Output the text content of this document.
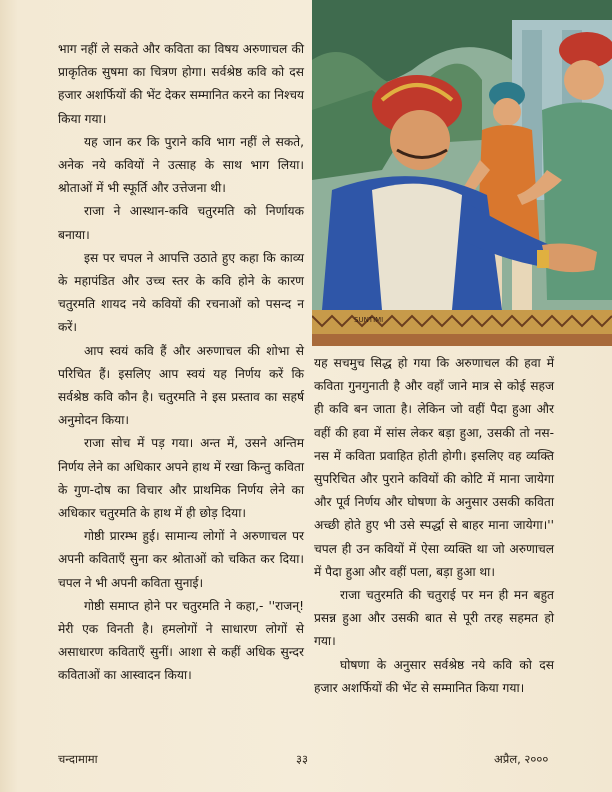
भाग नहीं ले सकते और कविता का विषय अरुणाचल की प्राकृतिक सुषमा का चित्रण होगा। सर्वश्रेष्ठ कवि को दस हजार अशर्फियों की भेंट देकर सम्मानित करने का निश्चय किया गया।

यह जान कर कि पुराने कवि भाग नहीं ले सकते, अनेक नये कवियों ने उत्साह के साथ भाग लिया। श्रोताओं में भी स्फूर्ति और उत्तेजना थी।

राजा ने आस्थान-कवि चतुरमति को निर्णायक बनाया।

इस पर चपल ने आपत्ति उठाते हुए कहा कि काव्य के महापंडित और उच्च स्तर के कवि होने के कारण चतुरमति शायद नये कवियों की रचनाओं को पसन्द न करें।

आप स्वयं कवि हैं और अरुणाचल की शोभा से परिचित हैं। इसलिए आप स्वयं यह निर्णय करें कि सर्वश्रेष्ठ कवि कौन है। चतुरमति ने इस प्रस्ताव का सहर्ष अनुमोदन किया।

राजा सोच में पड़ गया। अन्त में, उसने अन्तिम निर्णय लेने का अधिकार अपने हाथ में रखा किन्तु कविता के गुण-दोष का विचार और प्राथमिक निर्णय लेने का अधिकार चतुरमति के हाथ में ही छोड़ दिया।

गोष्ठी प्रारम्भ हुई। सामान्य लोगों ने अरुणाचल पर अपनी कविताएँ सुना कर श्रोताओं को चकित कर दिया। चपल ने भी अपनी कविता सुनाई।

गोष्ठी समाप्त होने पर चतुरमति ने कहा,- ''राजन्! मेरी एक विनती है। हमलोगों ने साधारण लोगों से असाधारण कविताएँ सुनीं। आशा से कहीं अधिक सुन्दर कविताओं का आस्वादन किया।

SUNTIMI

यह सचमुच सिद्ध हो गया कि अरुणाचल की हवा में कविता गुनगुनाती है और वहाँ जाने मात्र से कोई सहज ही कवि बन जाता है। लेकिन जो वहीं पैदा हुआ और वहीं की हवा में सांस लेकर बड़ा हुआ, उसकी तो नस-नस में कविता प्रवाहित होती होगी। इसलिए वह व्यक्ति सुपरिचित और पुराने कवियों की कोटि में माना जायेगा और पूर्व निर्णय और घोषणा के अनुसार उसकी कविता अच्छी होते हुए भी उसे स्पर्द्धा से बाहर माना जायेगा।'' चपल ही उन कवियों में ऐसा व्यक्ति था जो अरुणाचल में पैदा हुआ और वहीं पला, बड़ा हुआ था।

राजा चतुरमति की चतुराई पर मन ही मन बहुत प्रसन्न हुआ और उसकी बात से पूरी तरह सहमत हो गया।

घोषणा के अनुसार सर्वश्रेष्ठ नये कवि को दस हजार अशर्फियों की भेंट से सम्मानित किया गया।

चन्दामामा	३३	अप्रैल, २०००
